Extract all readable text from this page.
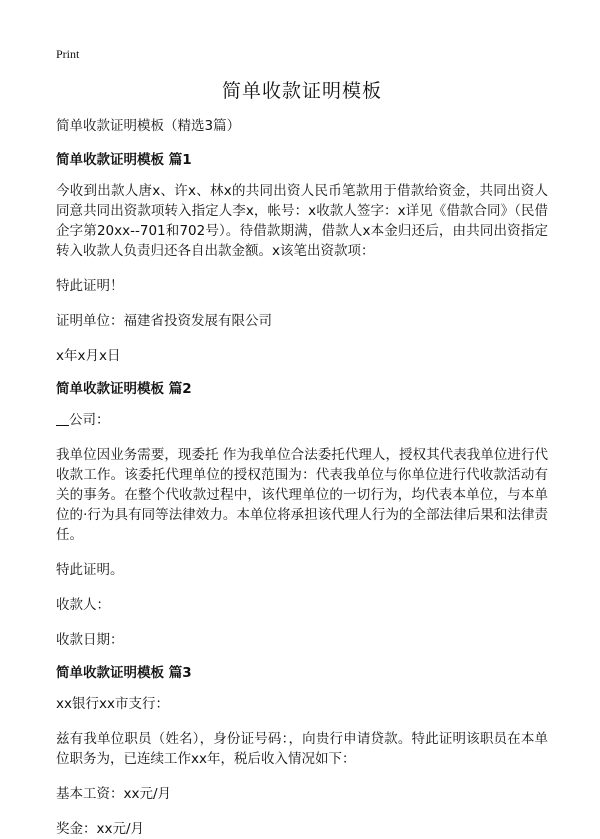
Print
简单收款证明模板
简单收款证明模板（精选3篇）
简单收款证明模板 篇1

今收到出款人唐x、许x、林x的共同出资人民币笔款用于借款给资金，共同出资人同意共同出资款项转入指定人李x，帐号：x收款人签字：x详见《借款合同》（民借企字第20xx--701和702号）。待借款期满，借款人x本金归还后，由共同出资指定转入收款人负责归还各自出款金额。x该笔出资款项：

特此证明！

证明单位：福建省投资发展有限公司

x年x月x日

简单收款证明模板 篇2

公司：

我单位因业务需要，现委托 作为我单位合法委托代理人，授权其代表我单位进行代收款工作。该委托代理单位的授权范围为：代表我单位与你单位进行代收款活动有关的事务。在整个代收款过程中，该代理单位的一切行为，均代表本单位，与本单位的·行为具有同等法律效力。本单位将承担该代理人行为的全部法律后果和法律责任。

特此证明。

收款人：

收款日期：

简单收款证明模板 篇3

xx银行xx市支行：

兹有我单位职员（姓名），身份证号码：，向贵行申请贷款。特此证明该职员在本单位职务为，已连续工作xx年，税后收入情况如下：

基本工资：xx元/月

奖金：xx元/月
